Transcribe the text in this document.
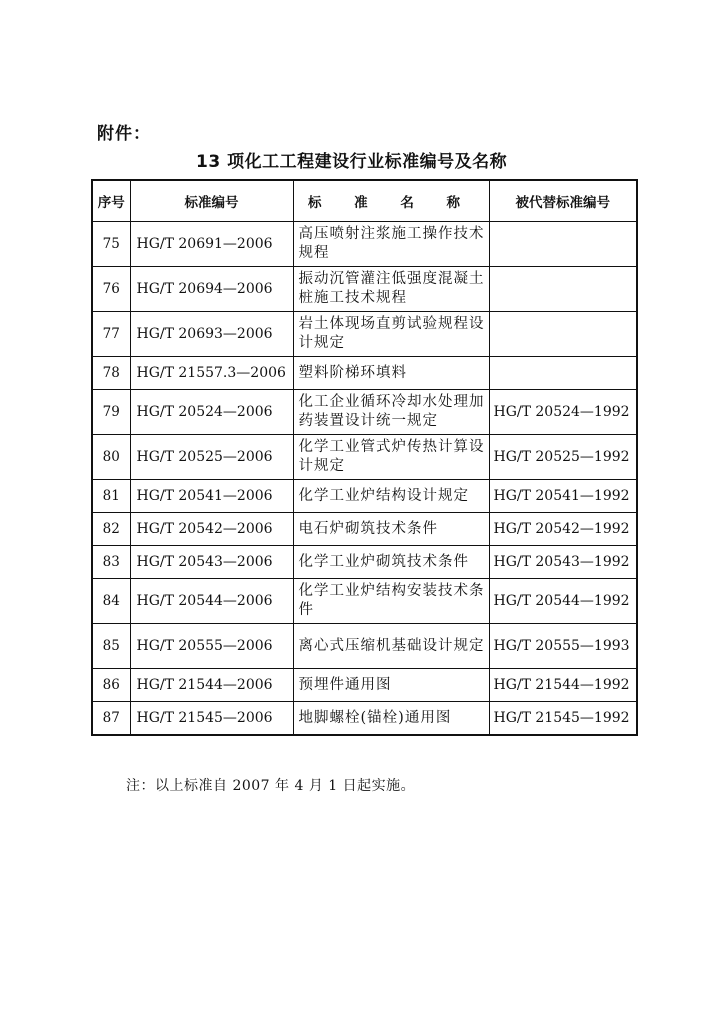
附件：
13 项化工工程建设行业标准编号及名称
序号	标准编号	标 准 名 称	被代替标准编号
75	HG/T 20691—2006	高压喷射注浆施工操作技术规程	
76	HG/T 20694—2006	振动沉管灌注低强度混凝土桩施工技术规程	
77	HG/T 20693—2006	岩土体现场直剪试验规程设计规定	
78	HG/T 21557.3—2006	塑料阶梯环填料	
79	HG/T 20524—2006	化工企业循环冷却水处理加药装置设计统一规定	HG/T 20524—1992
80	HG/T 20525—2006	化学工业管式炉传热计算设计规定	HG/T 20525—1992
81	HG/T 20541—2006	化学工业炉结构设计规定	HG/T 20541—1992
82	HG/T 20542—2006	电石炉砌筑技术条件	HG/T 20542—1992
83	HG/T 20543—2006	化学工业炉砌筑技术条件	HG/T 20543—1992
84	HG/T 20544—2006	化学工业炉结构安装技术条件	HG/T 20544—1992
85	HG/T 20555—2006	离心式压缩机基础设计规定	HG/T 20555—1993
86	HG/T 21544—2006	预埋件通用图	HG/T 21544—1992
87	HG/T 21545—2006	地脚螺栓(锚栓)通用图	HG/T 21545—1992
注：以上标准自 2007 年 4 月 1 日起实施。
